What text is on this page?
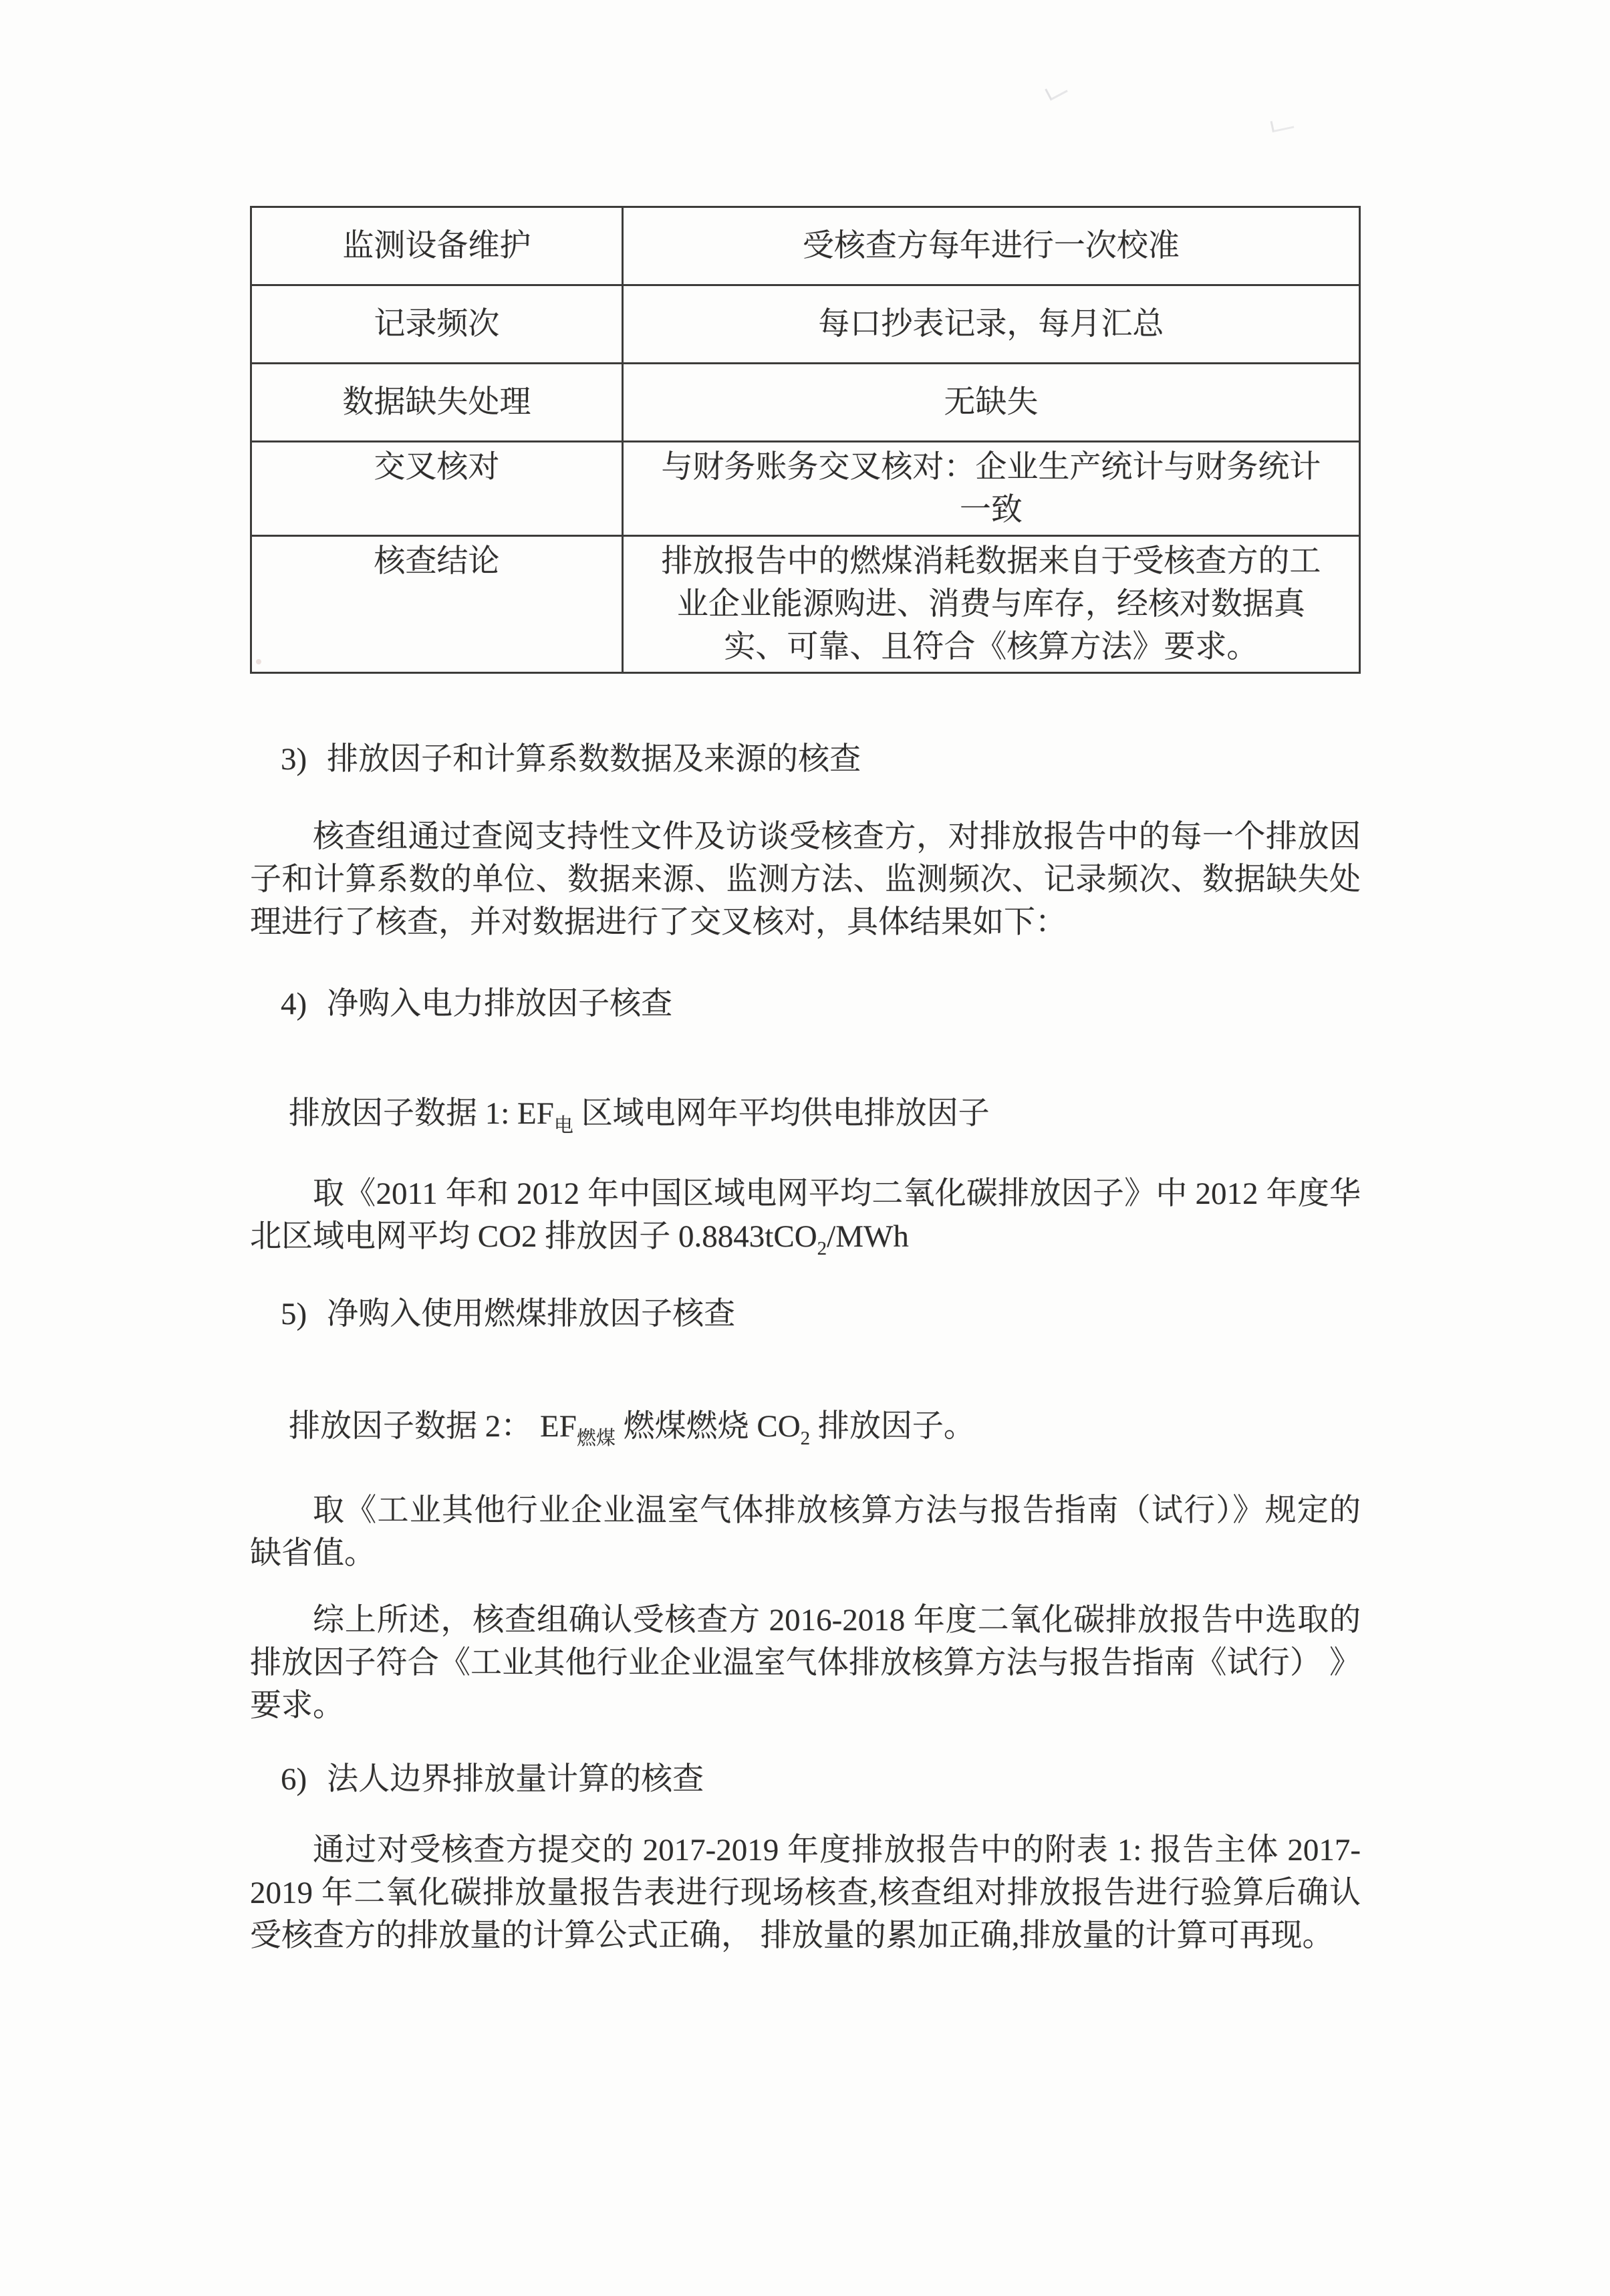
监测设备维护	受核查方每年进行一次校准
记录频次	每口抄表记录，每月汇总
数据缺失处理	无缺失
交叉核对	与财务账务交叉核对：企业生产统计与财务统计一致
核查结论	排放报告中的燃煤消耗数据来自于受核查方的工业企业能源购进、消费与库存，经核对数据真实、可靠、且符合《核算方法》要求。
3) 排放因子和计算系数数据及来源的核查

核查组通过查阅支持性文件及访谈受核查方，对排放报告中的每一个排放因子和计算系数的单位、数据来源、监测方法、监测频次、记录频次、数据缺失处理进行了核查，并对数据进行了交叉核对，具体结果如下：

4) 净购入电力排放因子核查
排放因子数据 1: $EF_电$ 区域电网年平均供电排放因子

取《2011 年和 2012 年中国区域电网平均二氧化碳排放因子》中 2012 年度华北区域电网平均 CO2 排放因子 0.8843tCO$_2$/MWh

5) 净购入使用燃煤排放因子核查
排放因子数据 2： $EF_{燃煤}$ 燃煤燃烧 $CO_2$ 排放因子。

取《工业其他行业企业温室气体排放核算方法与报告指南（试行）》规定的缺省值。

综上所述，核查组确认受核查方 2016-2018 年度二氧化碳排放报告中选取的排放因子符合《工业其他行业企业温室气体排放核算方法与报告指南《试行） 》要求。

6) 法人边界排放量计算的核查

通过对受核查方提交的 2017-2019 年度排放报告中的附表 1: 报告主体 2017-2019 年二氧化碳排放量报告表进行现场核查,核查组对排放报告进行验算后确认受核查方的排放量的计算公式正确， 排放量的累加正确,排放量的计算可再现。
